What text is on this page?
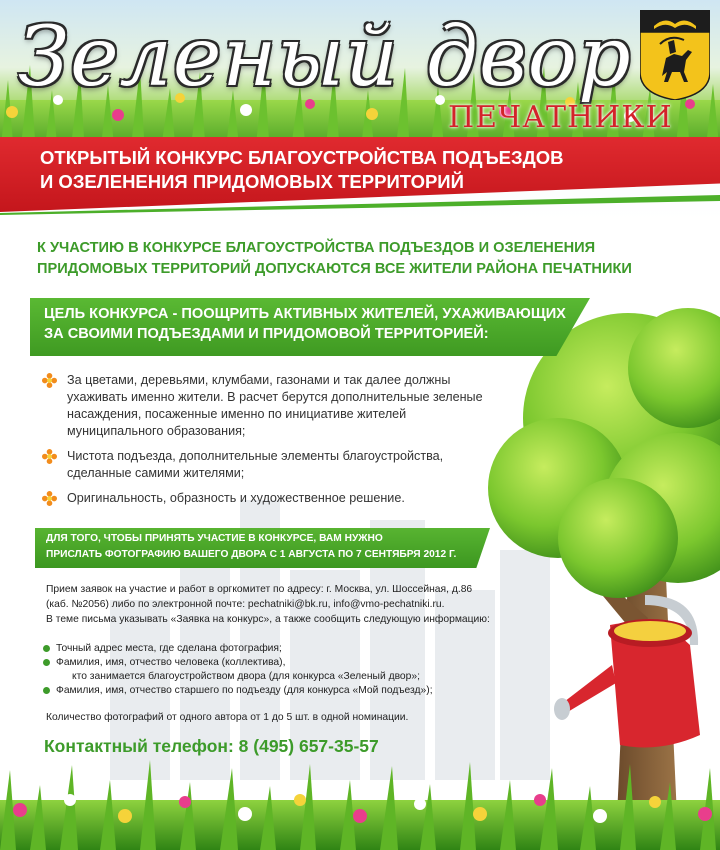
Зеленый двор
ПЕЧАТНИКИ
ОТКРЫТЫЙ КОНКУРС БЛАГОУСТРОЙСТВА ПОДЪЕЗДОВ
И ОЗЕЛЕНЕНИЯ ПРИДОМОВЫХ ТЕРРИТОРИЙ
К УЧАСТИЮ В КОНКУРСЕ БЛАГОУСТРОЙСТВА ПОДЪЕЗДОВ И ОЗЕЛЕНЕНИЯ
ПРИДОМОВЫХ ТЕРРИТОРИЙ ДОПУСКАЮТСЯ ВСЕ ЖИТЕЛИ РАЙОНА ПЕЧАТНИКИ
ЦЕЛЬ КОНКУРСА - ПООЩРИТЬ АКТИВНЫХ ЖИТЕЛЕЙ, УХАЖИВАЮЩИХ
ЗА СВОИМИ ПОДЪЕЗДАМИ И ПРИДОМОВОЙ ТЕРРИТОРИЕЙ:
За цветами, деревьями, клумбами, газонами и так далее должны ухаживать именно жители. В расчет берутся дополнительные зеленые насаждения, посаженные именно по инициативе жителей муниципального образования;
Чистота подъезда, дополнительные элементы благоустройства, сделанные самими жителями;
Оригинальность, образность и художественное решение.
ДЛЯ ТОГО, ЧТОБЫ ПРИНЯТЬ УЧАСТИЕ В КОНКУРСЕ, ВАМ НУЖНО
ПРИСЛАТЬ ФОТОГРАФИЮ ВАШЕГО ДВОРА С 1 АВГУСТА ПО 7 СЕНТЯБРЯ 2012 Г.
Прием заявок на участие и работ в оргкомитет по адресу: г. Москва, ул. Шоссейная, д.86
(каб. №2056) либо по электронной почте: pechatniki@bk.ru, info@vmo-pechatniki.ru.
В теме письма указывать «Заявка на конкурс», а также сообщить следующую информацию:
Точный адрес места, где сделана фотография;
Фамилия, имя, отчество человека (коллектива),
кто занимается благоустройством двора (для конкурса «Зеленый двор»;
Фамилия, имя, отчество старшего по подъезду (для конкурса «Мой подъезд»);
Количество фотографий от одного автора от 1 до 5 шт. в одной номинации.
Контактный телефон: 8 (495) 657-35-57
